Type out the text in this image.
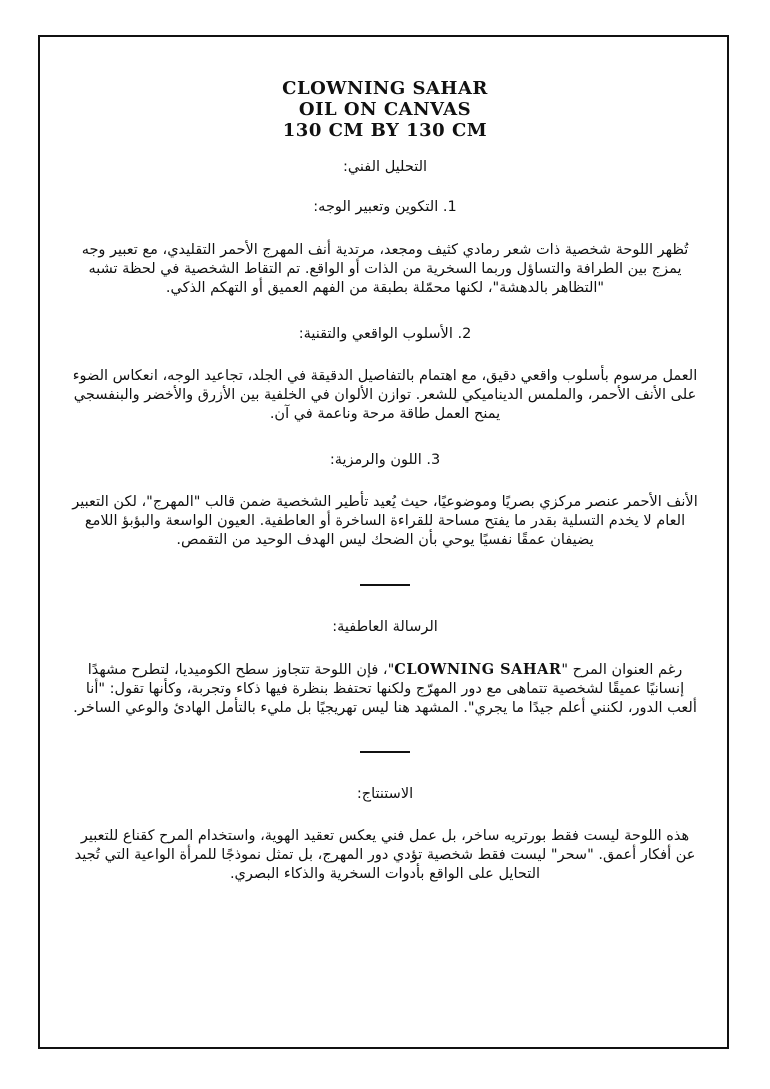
CLOWNING SAHAR
OIL ON CANVAS
130 CM BY 130 CM
التحليل الفني:
1. التكوين وتعبير الوجه:
تُظهر اللوحة شخصية ذات شعر رمادي كثيف ومجعد، مرتدية أنف المهرج الأحمر التقليدي، مع تعبير وجه يمزج بين الطرافة والتساؤل وربما السخرية من الذات أو الواقع. تم التقاط الشخصية في لحظة تشبه "التظاهر بالدهشة"، لكنها محمّلة بطبقة من الفهم العميق أو التهكم الذكي.
2. الأسلوب الواقعي والتقنية:
العمل مرسوم بأسلوب واقعي دقيق، مع اهتمام بالتفاصيل الدقيقة في الجلد، تجاعيد الوجه، انعكاس الضوء على الأنف الأحمر، والملمس الديناميكي للشعر. توازن الألوان في الخلفية بين الأزرق والأخضر والبنفسجي يمنح العمل طاقة مرحة وناعمة في آن.
3. اللون والرمزية:
الأنف الأحمر عنصر مركزي بصريًا وموضوعيًا، حيث يُعيد تأطير الشخصية ضمن قالب "المهرج"، لكن التعبير العام لا يخدم التسلية بقدر ما يفتح مساحة للقراءة الساخرة أو العاطفية. العيون الواسعة والبؤبؤ اللامع يضيفان عمقًا نفسيًا يوحي بأن الضحك ليس الهدف الوحيد من التقمص.
الرسالة العاطفية:
رغم العنوان المرح "CLOWNING SAHAR"، فإن اللوحة تتجاوز سطح الكوميديا، لتطرح مشهدًا إنسانيًا عميقًا لشخصية تتماهى مع دور المهرّج ولكنها تحتفظ بنظرة فيها ذكاء وتجربة، وكأنها تقول: "أنا ألعب الدور، لكنني أعلم جيدًا ما يجري". المشهد هنا ليس تهريجيًا بل مليء بالتأمل الهادئ والوعي الساخر.
الاستنتاج:
هذه اللوحة ليست فقط بورتريه ساخر، بل عمل فني يعكس تعقيد الهوية، واستخدام المرح كقناع للتعبير عن أفكار أعمق. "سحر" ليست فقط شخصية تؤدي دور المهرج، بل تمثل نموذجًا للمرأة الواعية التي تُجيد التحايل على الواقع بأدوات السخرية والذكاء البصري.
